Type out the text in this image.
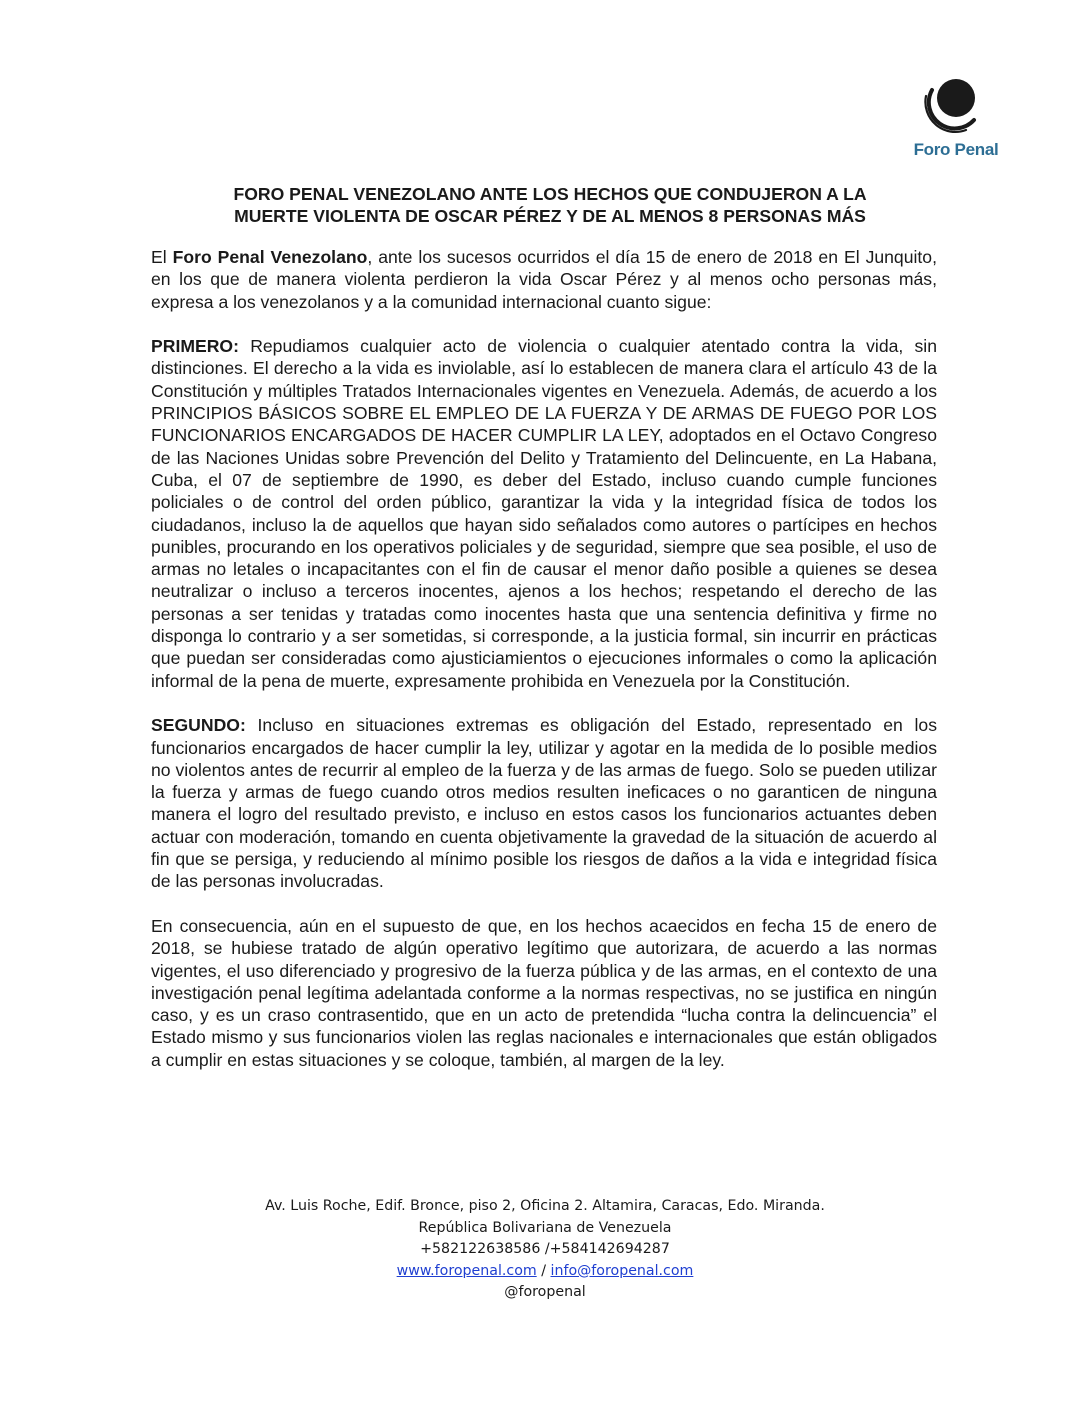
Foro Penal
FORO PENAL VENEZOLANO ANTE LOS HECHOS QUE CONDUJERON A LA
MUERTE VIOLENTA DE OSCAR PÉREZ Y DE AL MENOS 8 PERSONAS MÁS

El Foro Penal Venezolano, ante los sucesos ocurridos el día 15 de enero de 2018 en El Junquito, en los que de manera violenta perdieron la vida Oscar Pérez y al menos ocho personas más, expresa a los venezolanos y a la comunidad internacional cuanto sigue:

PRIMERO: Repudiamos cualquier acto de violencia o cualquier atentado contra la vida, sin distinciones. El derecho a la vida es inviolable, así lo establecen de manera clara el artículo 43 de la Constitución y múltiples Tratados Internacionales vigentes en Venezuela. Además, de acuerdo a los PRINCIPIOS BÁSICOS SOBRE EL EMPLEO DE LA FUERZA Y DE ARMAS DE FUEGO POR LOS FUNCIONARIOS ENCARGADOS DE HACER CUMPLIR LA LEY, adoptados en el Octavo Congreso de las Naciones Unidas sobre Prevención del Delito y Tratamiento del Delincuente, en La Habana, Cuba, el 07 de septiembre de 1990, es deber del Estado, incluso cuando cumple funciones policiales o de control del orden público, garantizar la vida y la integridad física de todos los ciudadanos, incluso la de aquellos que hayan sido señalados como autores o partícipes en hechos punibles, procurando en los operativos policiales y de seguridad, siempre que sea posible, el uso de armas no letales o incapacitantes con el fin de causar el menor daño posible a quienes se desea neutralizar o incluso a terceros inocentes, ajenos a los hechos; respetando el derecho de las personas a ser tenidas y tratadas como inocentes hasta que una sentencia definitiva y firme no disponga lo contrario y a ser sometidas, si corresponde, a la justicia formal, sin incurrir en prácticas que puedan ser consideradas como ajusticiamientos o ejecuciones informales o como la aplicación informal de la pena de muerte, expresamente prohibida en Venezuela por la Constitución.

SEGUNDO: Incluso en situaciones extremas es obligación del Estado, representado en los funcionarios encargados de hacer cumplir la ley, utilizar y agotar en la medida de lo posible medios no violentos antes de recurrir al empleo de la fuerza y de las armas de fuego. Solo se pueden utilizar la fuerza y armas de fuego cuando otros medios resulten ineficaces o no garanticen de ninguna manera el logro del resultado previsto, e incluso en estos casos los funcionarios actuantes deben actuar con moderación, tomando en cuenta objetivamente la gravedad de la situación de acuerdo al fin que se persiga, y reduciendo al mínimo posible los riesgos de daños a la vida e integridad física de las personas involucradas.

En consecuencia, aún en el supuesto de que, en los hechos acaecidos en fecha 15 de enero de 2018, se hubiese tratado de algún operativo legítimo que autorizara, de acuerdo a las normas vigentes, el uso diferenciado y progresivo de la fuerza pública y de las armas, en el contexto de una investigación penal legítima adelantada conforme a la normas respectivas, no se justifica en ningún caso, y es un craso contrasentido, que en un acto de pretendida “lucha contra la delincuencia” el Estado mismo y sus funcionarios violen las reglas nacionales e internacionales que están obligados a cumplir en estas situaciones y se coloque, también, al margen de la ley.

Av. Luis Roche, Edif. Bronce, piso 2, Oficina 2. Altamira, Caracas, Edo. Miranda.
República Bolivariana de Venezuela
+582122638586 /+584142694287
www.foropenal.com / info@foropenal.com
@foropenal
